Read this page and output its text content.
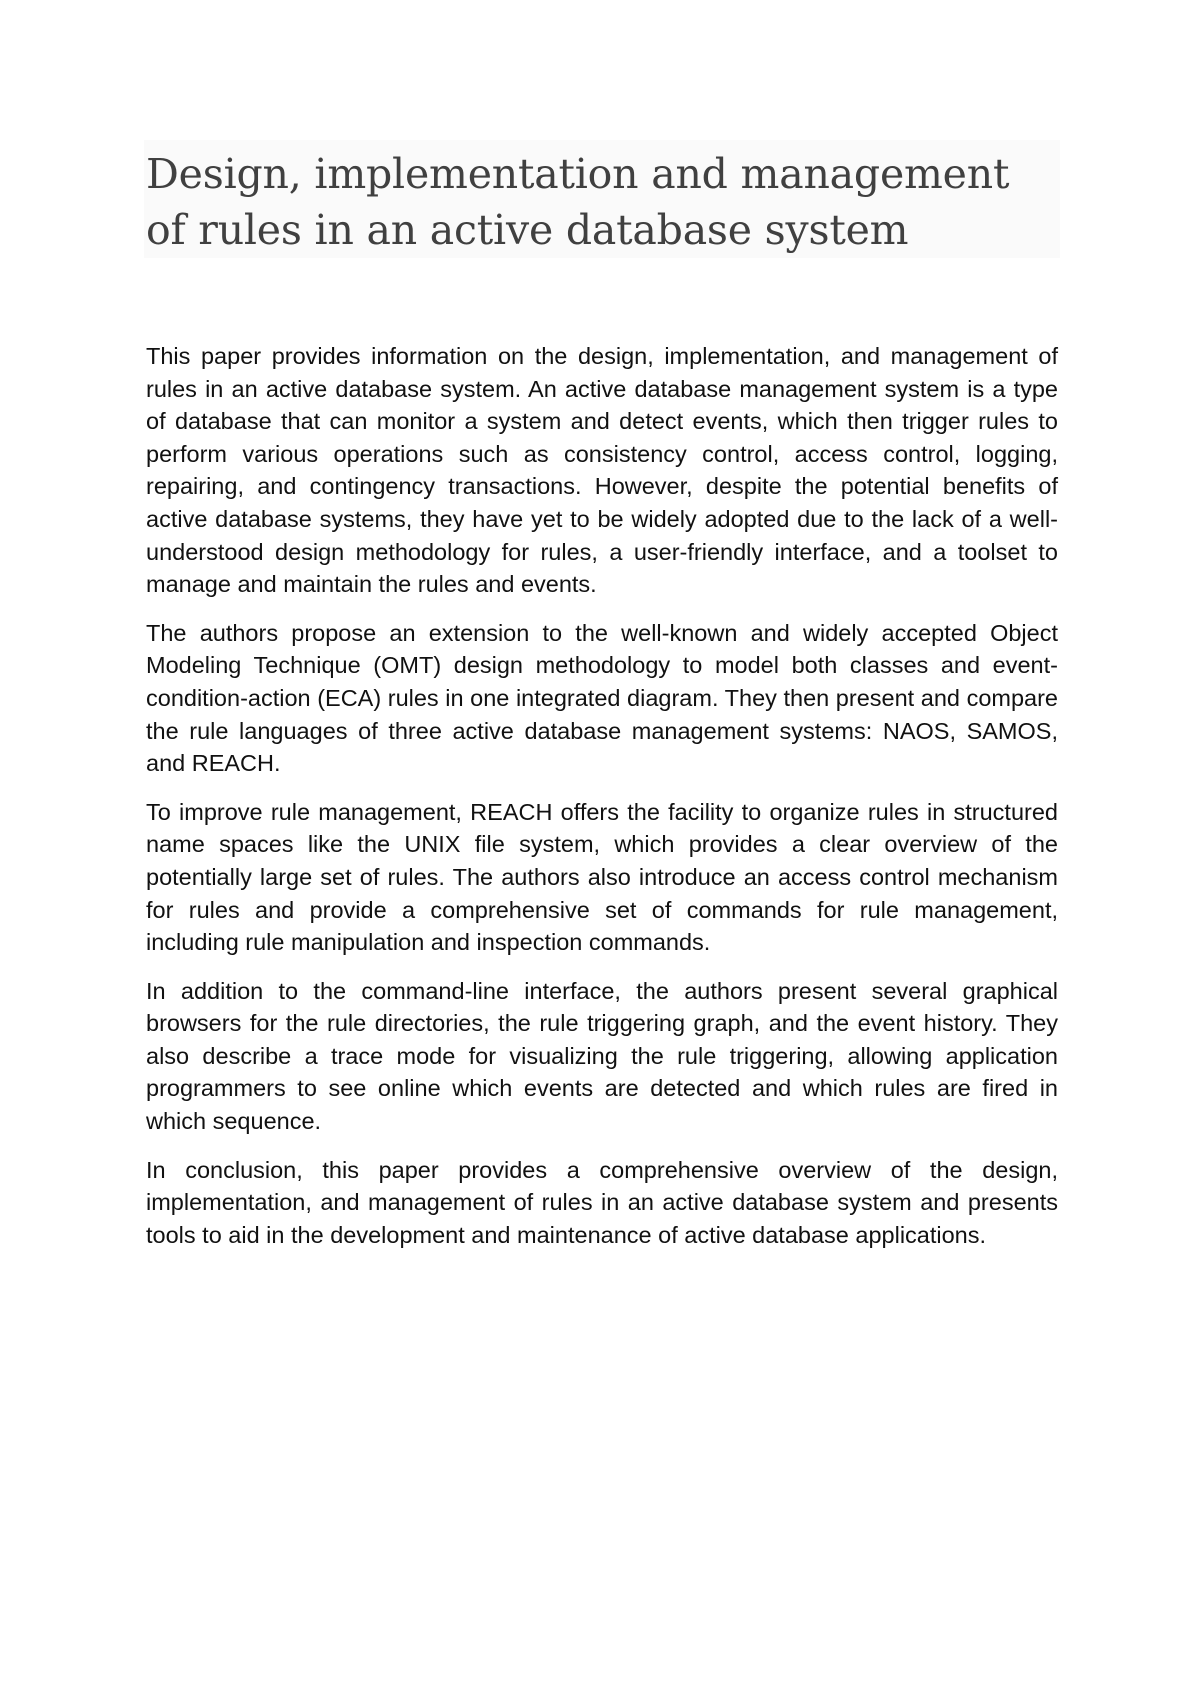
Design, implementation and management of rules in an active database system

This paper provides information on the design, implementation, and management of rules in an active database system. An active database management system is a type of database that can monitor a system and detect events, which then trigger rules to perform various operations such as consistency control, access control, logging, repairing, and contingency transactions. However, despite the potential benefits of active database systems, they have yet to be widely adopted due to the lack of a well-understood design methodology for rules, a user-friendly interface, and a toolset to manage and maintain the rules and events.

The authors propose an extension to the well-known and widely accepted Object Modeling Technique (OMT) design methodology to model both classes and event-condition-action (ECA) rules in one integrated diagram. They then present and compare the rule languages of three active database management systems: NAOS, SAMOS, and REACH.

To improve rule management, REACH offers the facility to organize rules in structured name spaces like the UNIX file system, which provides a clear overview of the potentially large set of rules. The authors also introduce an access control mechanism for rules and provide a comprehensive set of commands for rule management, including rule manipulation and inspection commands.

In addition to the command-line interface, the authors present several graphical browsers for the rule directories, the rule triggering graph, and the event history. They also describe a trace mode for visualizing the rule triggering, allowing application programmers to see online which events are detected and which rules are fired in which sequence.

In conclusion, this paper provides a comprehensive overview of the design, implementation, and management of rules in an active database system and presents tools to aid in the development and maintenance of active database applications.
